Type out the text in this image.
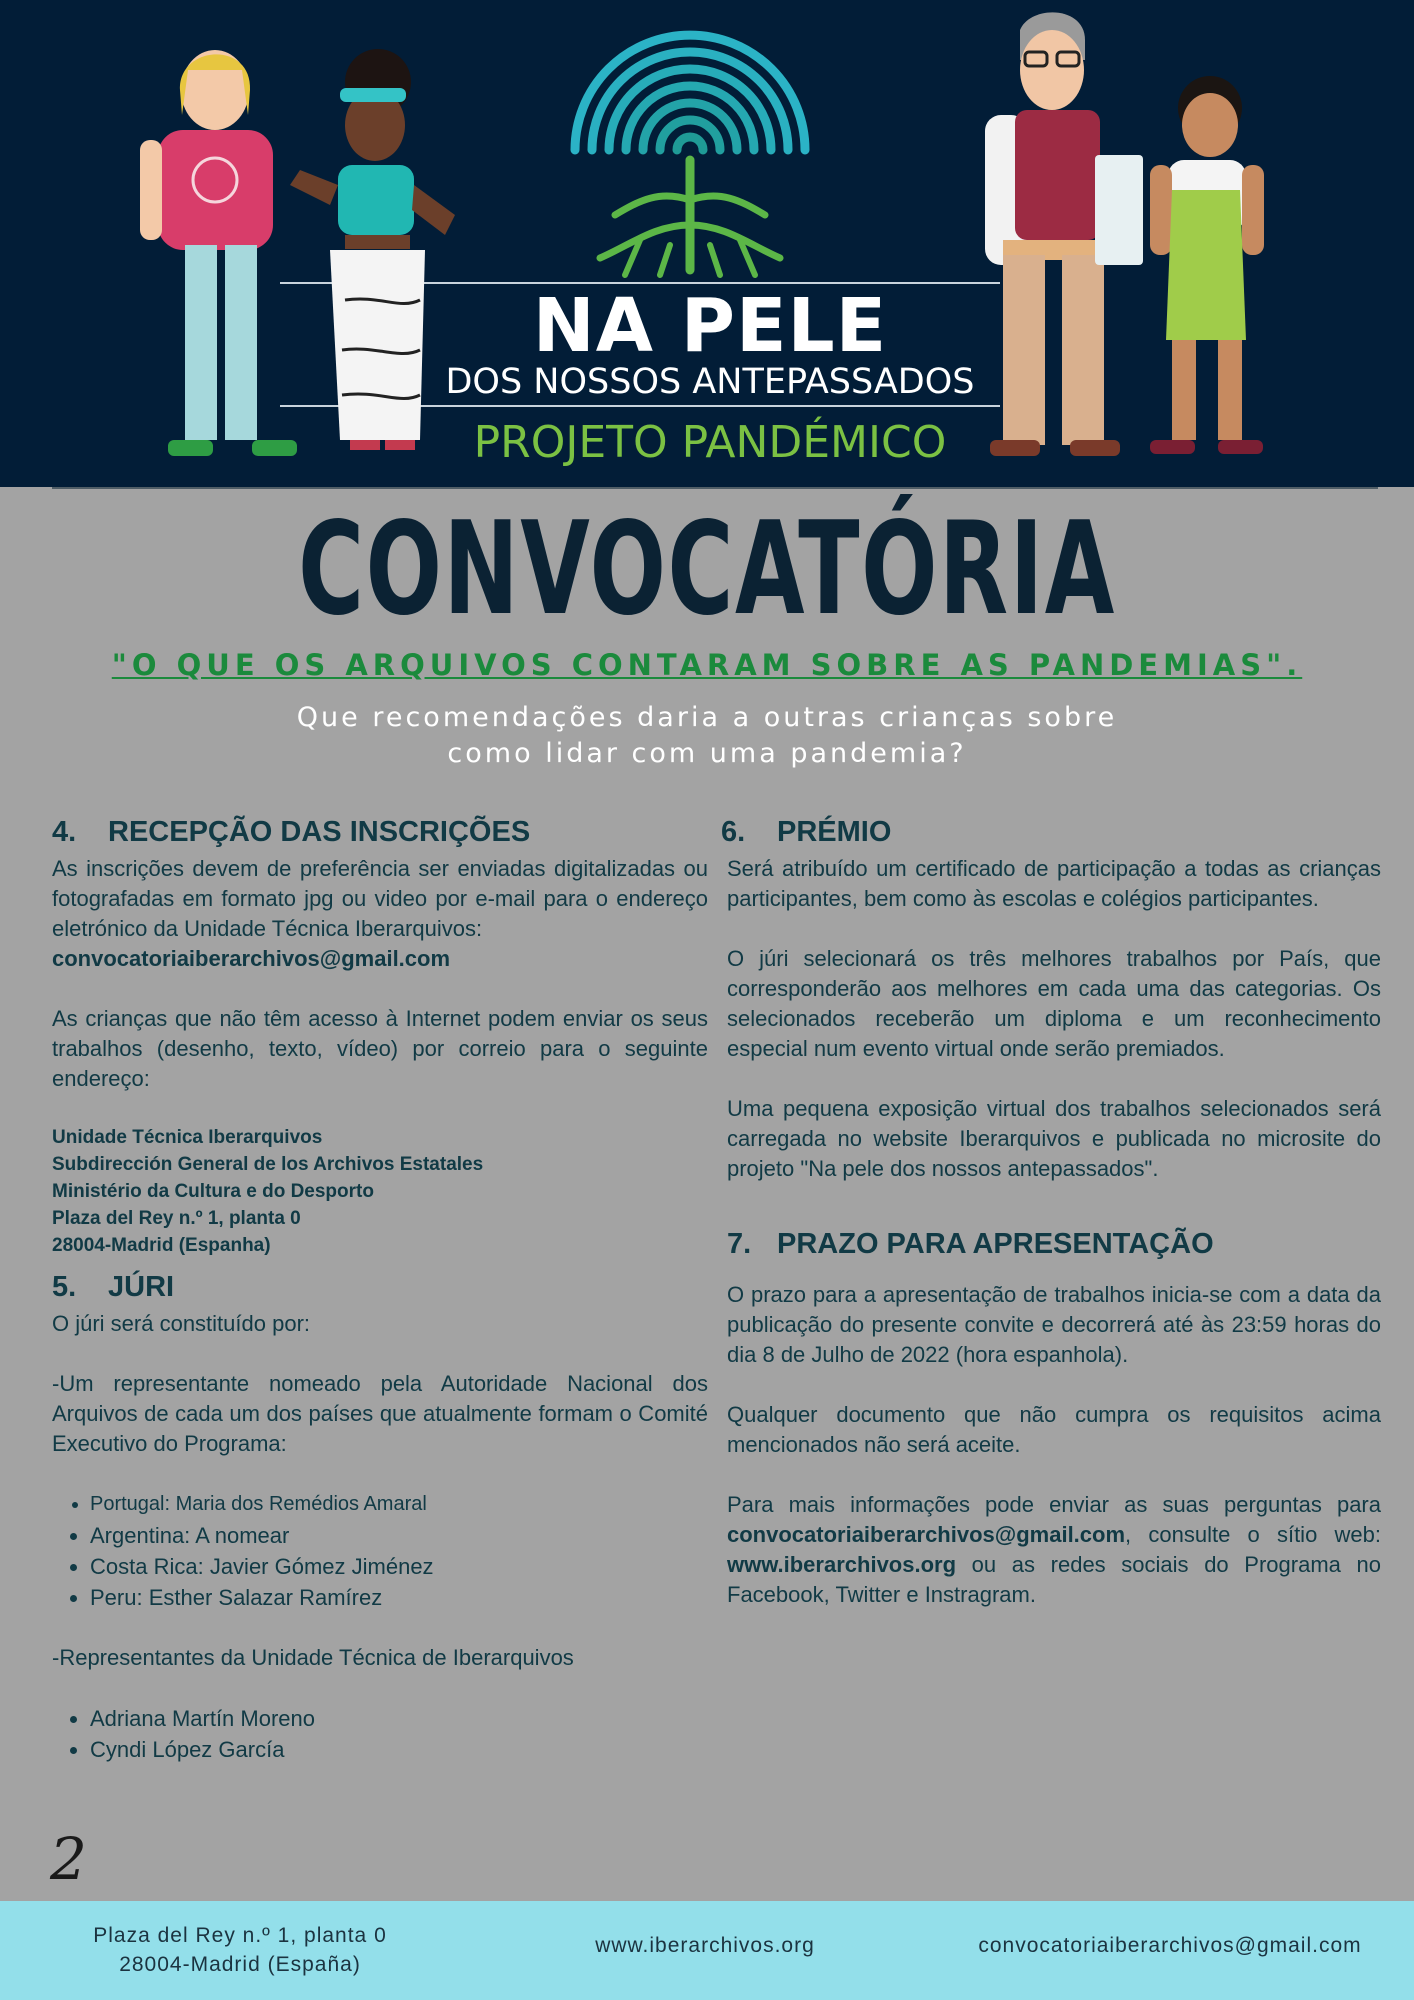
NA PELE
DOS NOSSOS ANTEPASSADOS
PROJETO PANDÉMICO
CONVOCATÓRIA
"O QUE OS ARQUIVOS CONTARAM SOBRE AS PANDEMIAS".
Que recomendações daria a outras crianças sobre
como lidar com uma pandemia?
4. RECEPÇÃO DAS INSCRIÇÕES

As inscrições devem de preferência ser enviadas digitalizadas ou fotografadas em formato jpg ou video por e-mail para o endereço eletrónico da Unidade Técnica Iberarquivos:

convocatoriaiberarchivos@gmail.com

As crianças que não têm acesso à Internet podem enviar os seus trabalhos (desenho, texto, vídeo) por correio para o seguinte endereço:

Unidade Técnica Iberarquivos
Subdirección General de los Archivos Estatales
Ministério da Cultura e do Desporto
Plaza del Rey n.º 1, planta 0
28004-Madrid (Espanha)
5. JÚRI

O júri será constituído por:

-Um representante nomeado pela Autoridade Nacional dos Arquivos de cada um dos países que atualmente formam o Comité Executivo do Programa:

• Portugal: Maria dos Remédios Amaral
• Argentina: A nomear
• Costa Rica: Javier Gómez Jiménez
• Peru: Esther Salazar Ramírez

-Representantes da Unidade Técnica de Iberarquivos

• Adriana Martín Moreno
• Cyndi López García
6. PRÉMIO

Será atribuído um certificado de participação a todas as crianças participantes, bem como às escolas e colégios participantes.

O júri selecionará os três melhores trabalhos por País, que corresponderão aos melhores em cada uma das categorias. Os selecionados receberão um diploma e um reconhecimento especial num evento virtual onde serão premiados.

Uma pequena exposição virtual dos trabalhos selecionados será carregada no website Iberarquivos e publicada no microsite do projeto "Na pele dos nossos antepassados".

7. PRAZO PARA APRESENTAÇÃO

O prazo para a apresentação de trabalhos inicia-se com a data da publicação do presente convite e decorrerá até às 23:59 horas do dia 8 de Julho de 2022 (hora espanhola).

Qualquer documento que não cumpra os requisitos acima mencionados não será aceite.

Para mais informações pode enviar as suas perguntas para convocatoriaiberarchivos@gmail.com, consulte o sítio web: www.iberarchivos.org ou as redes sociais do Programa no Facebook, Twitter e Instragram.

2
Plaza del Rey n.º 1, planta 0
28004-Madrid (España)
www.iberarchivos.org	convocatoriaiberarchivos@gmail.com
